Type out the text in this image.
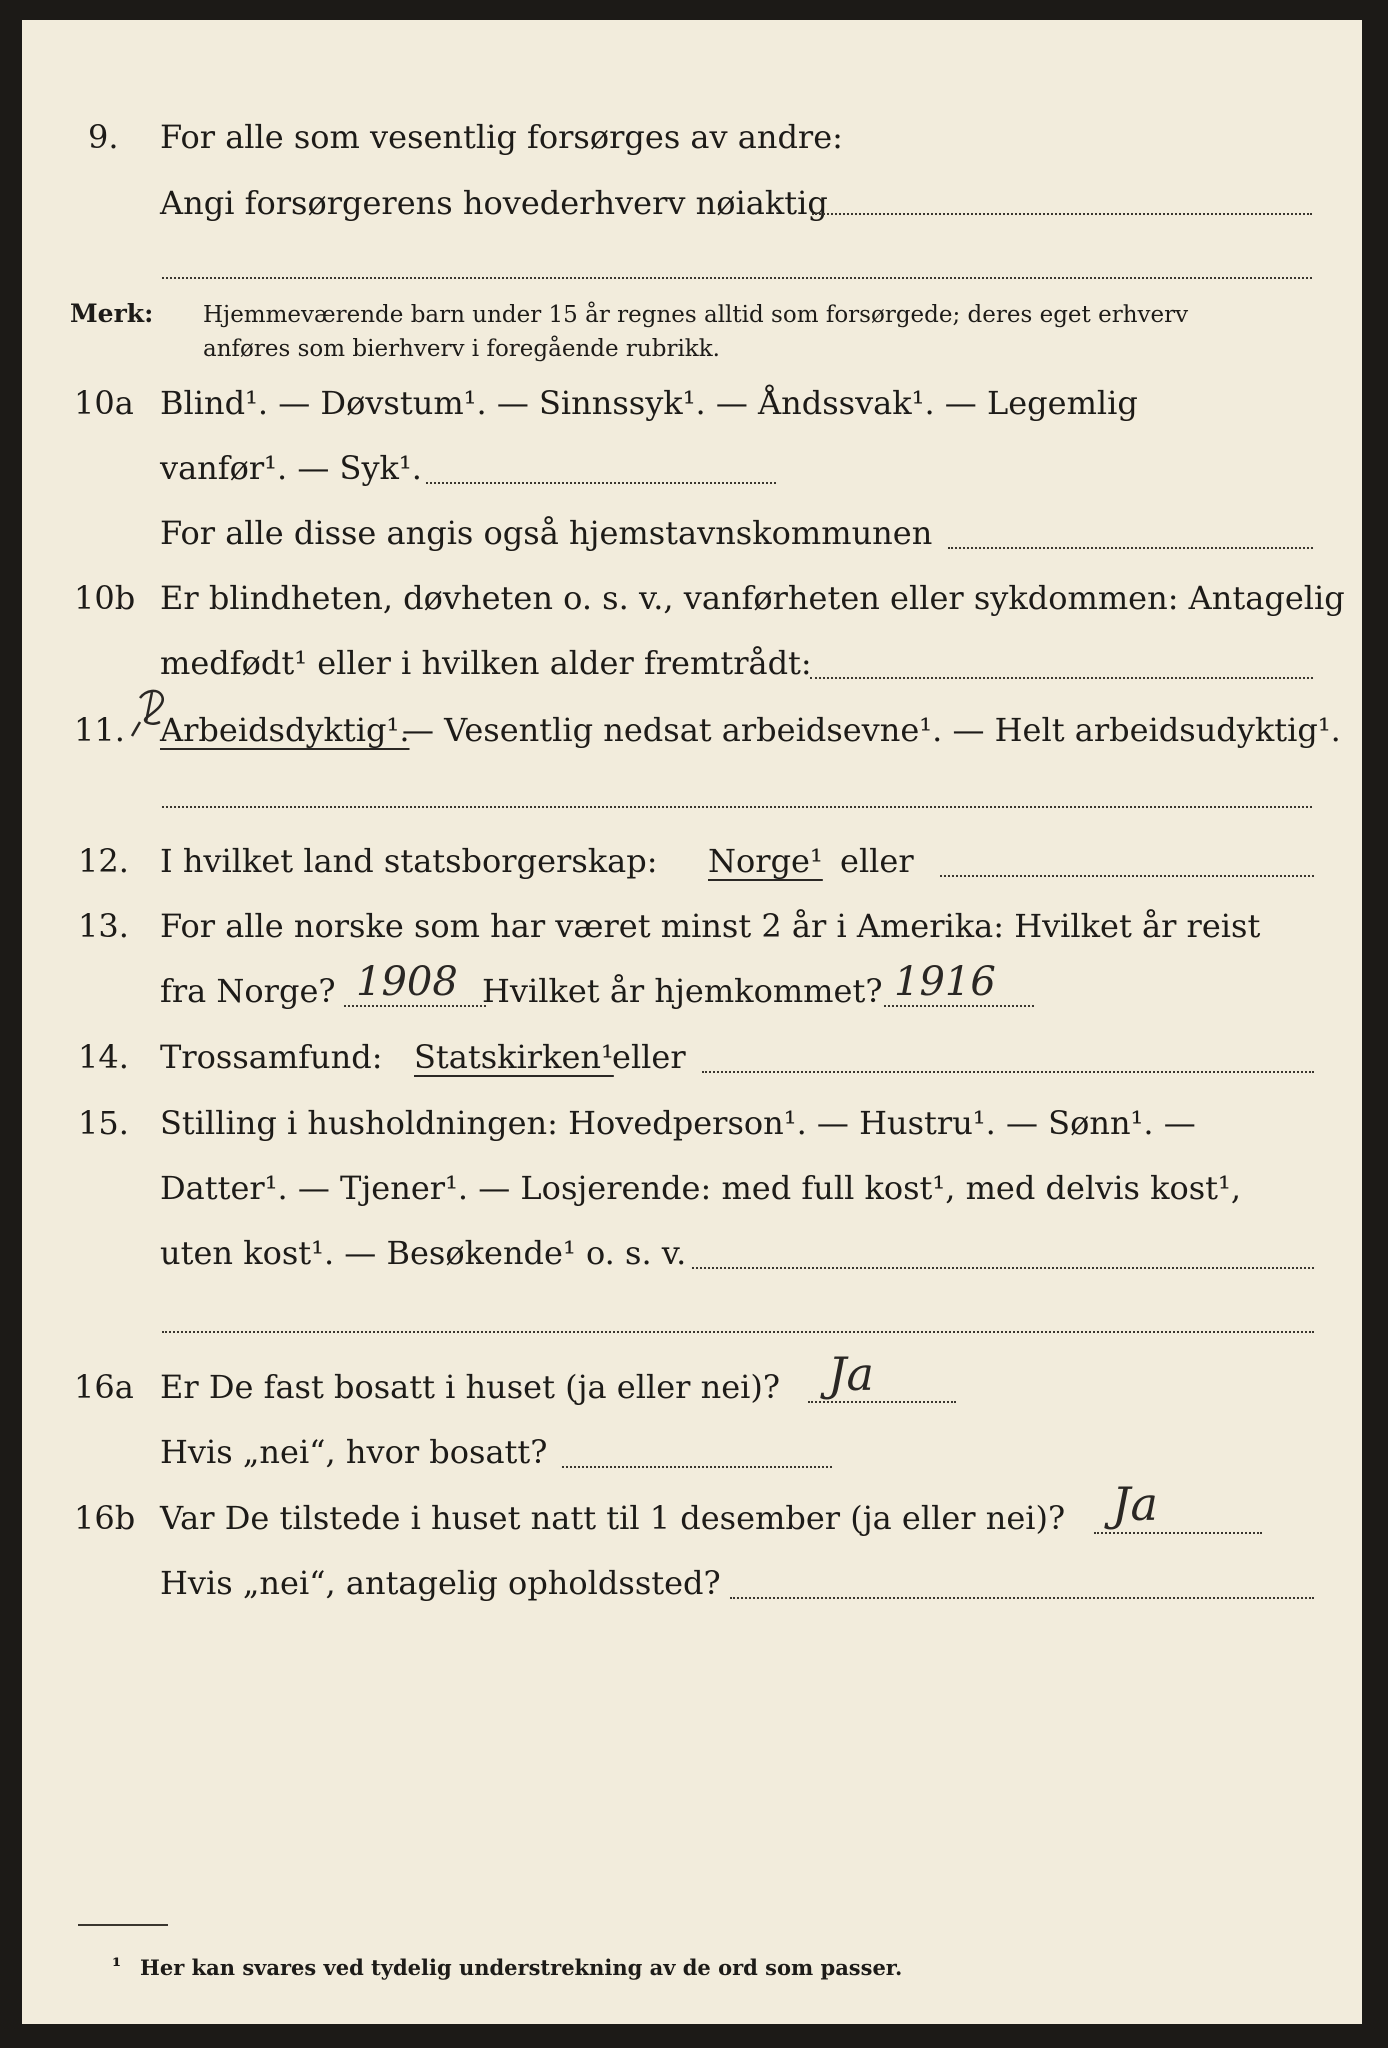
9. For alle som vesentlig forsørges av andre:
Angi forsørgerens hovederhverv nøiaktig
Merk: Hjemmeværende barn under 15 år regnes alltid som forsørgede; deres eget erhverv
anføres som bierhverv i foregående rubrikk.
10a Blind¹. — Døvstum¹. — Sinnssyk¹. — Åndssvak¹. — Legemlig
vanfør¹. — Syk¹.
For alle disse angis også hjemstavnskommunen
10b Er blindheten, døvheten o. s. v., vanførheten eller sykdommen: Antagelig
medfødt¹ eller i hvilken alder fremtrådt:
11. Arbeidsdyktig¹.
— Vesentlig nedsat arbeidsevne¹. — Helt arbeidsudyktig¹.
12. I hvilket land statsborgerskap: Norge¹ eller
13. For alle norske som har været minst 2 år i Amerika: Hvilket år reist
fra Norge? 1908 Hvilket år hjemkommet? 1916
14. Trossamfund: Statskirken¹
eller
15. Stilling i husholdningen: Hovedperson¹. — Hustru¹. — Sønn¹. —
Datter¹. — Tjener¹. — Losjerende: med full kost¹, med delvis kost¹,
uten kost¹. — Besøkende¹ o. s. v.
16a Er De fast bosatt i huset (ja eller nei)? Ja
Hvis „nei“, hvor bosatt?
16b Var De tilstede i huset natt til 1 desember (ja eller nei)? Ja
Hvis „nei“, antagelig opholdssted?
¹ Her kan svares ved tydelig understrekning av de ord som passer.
